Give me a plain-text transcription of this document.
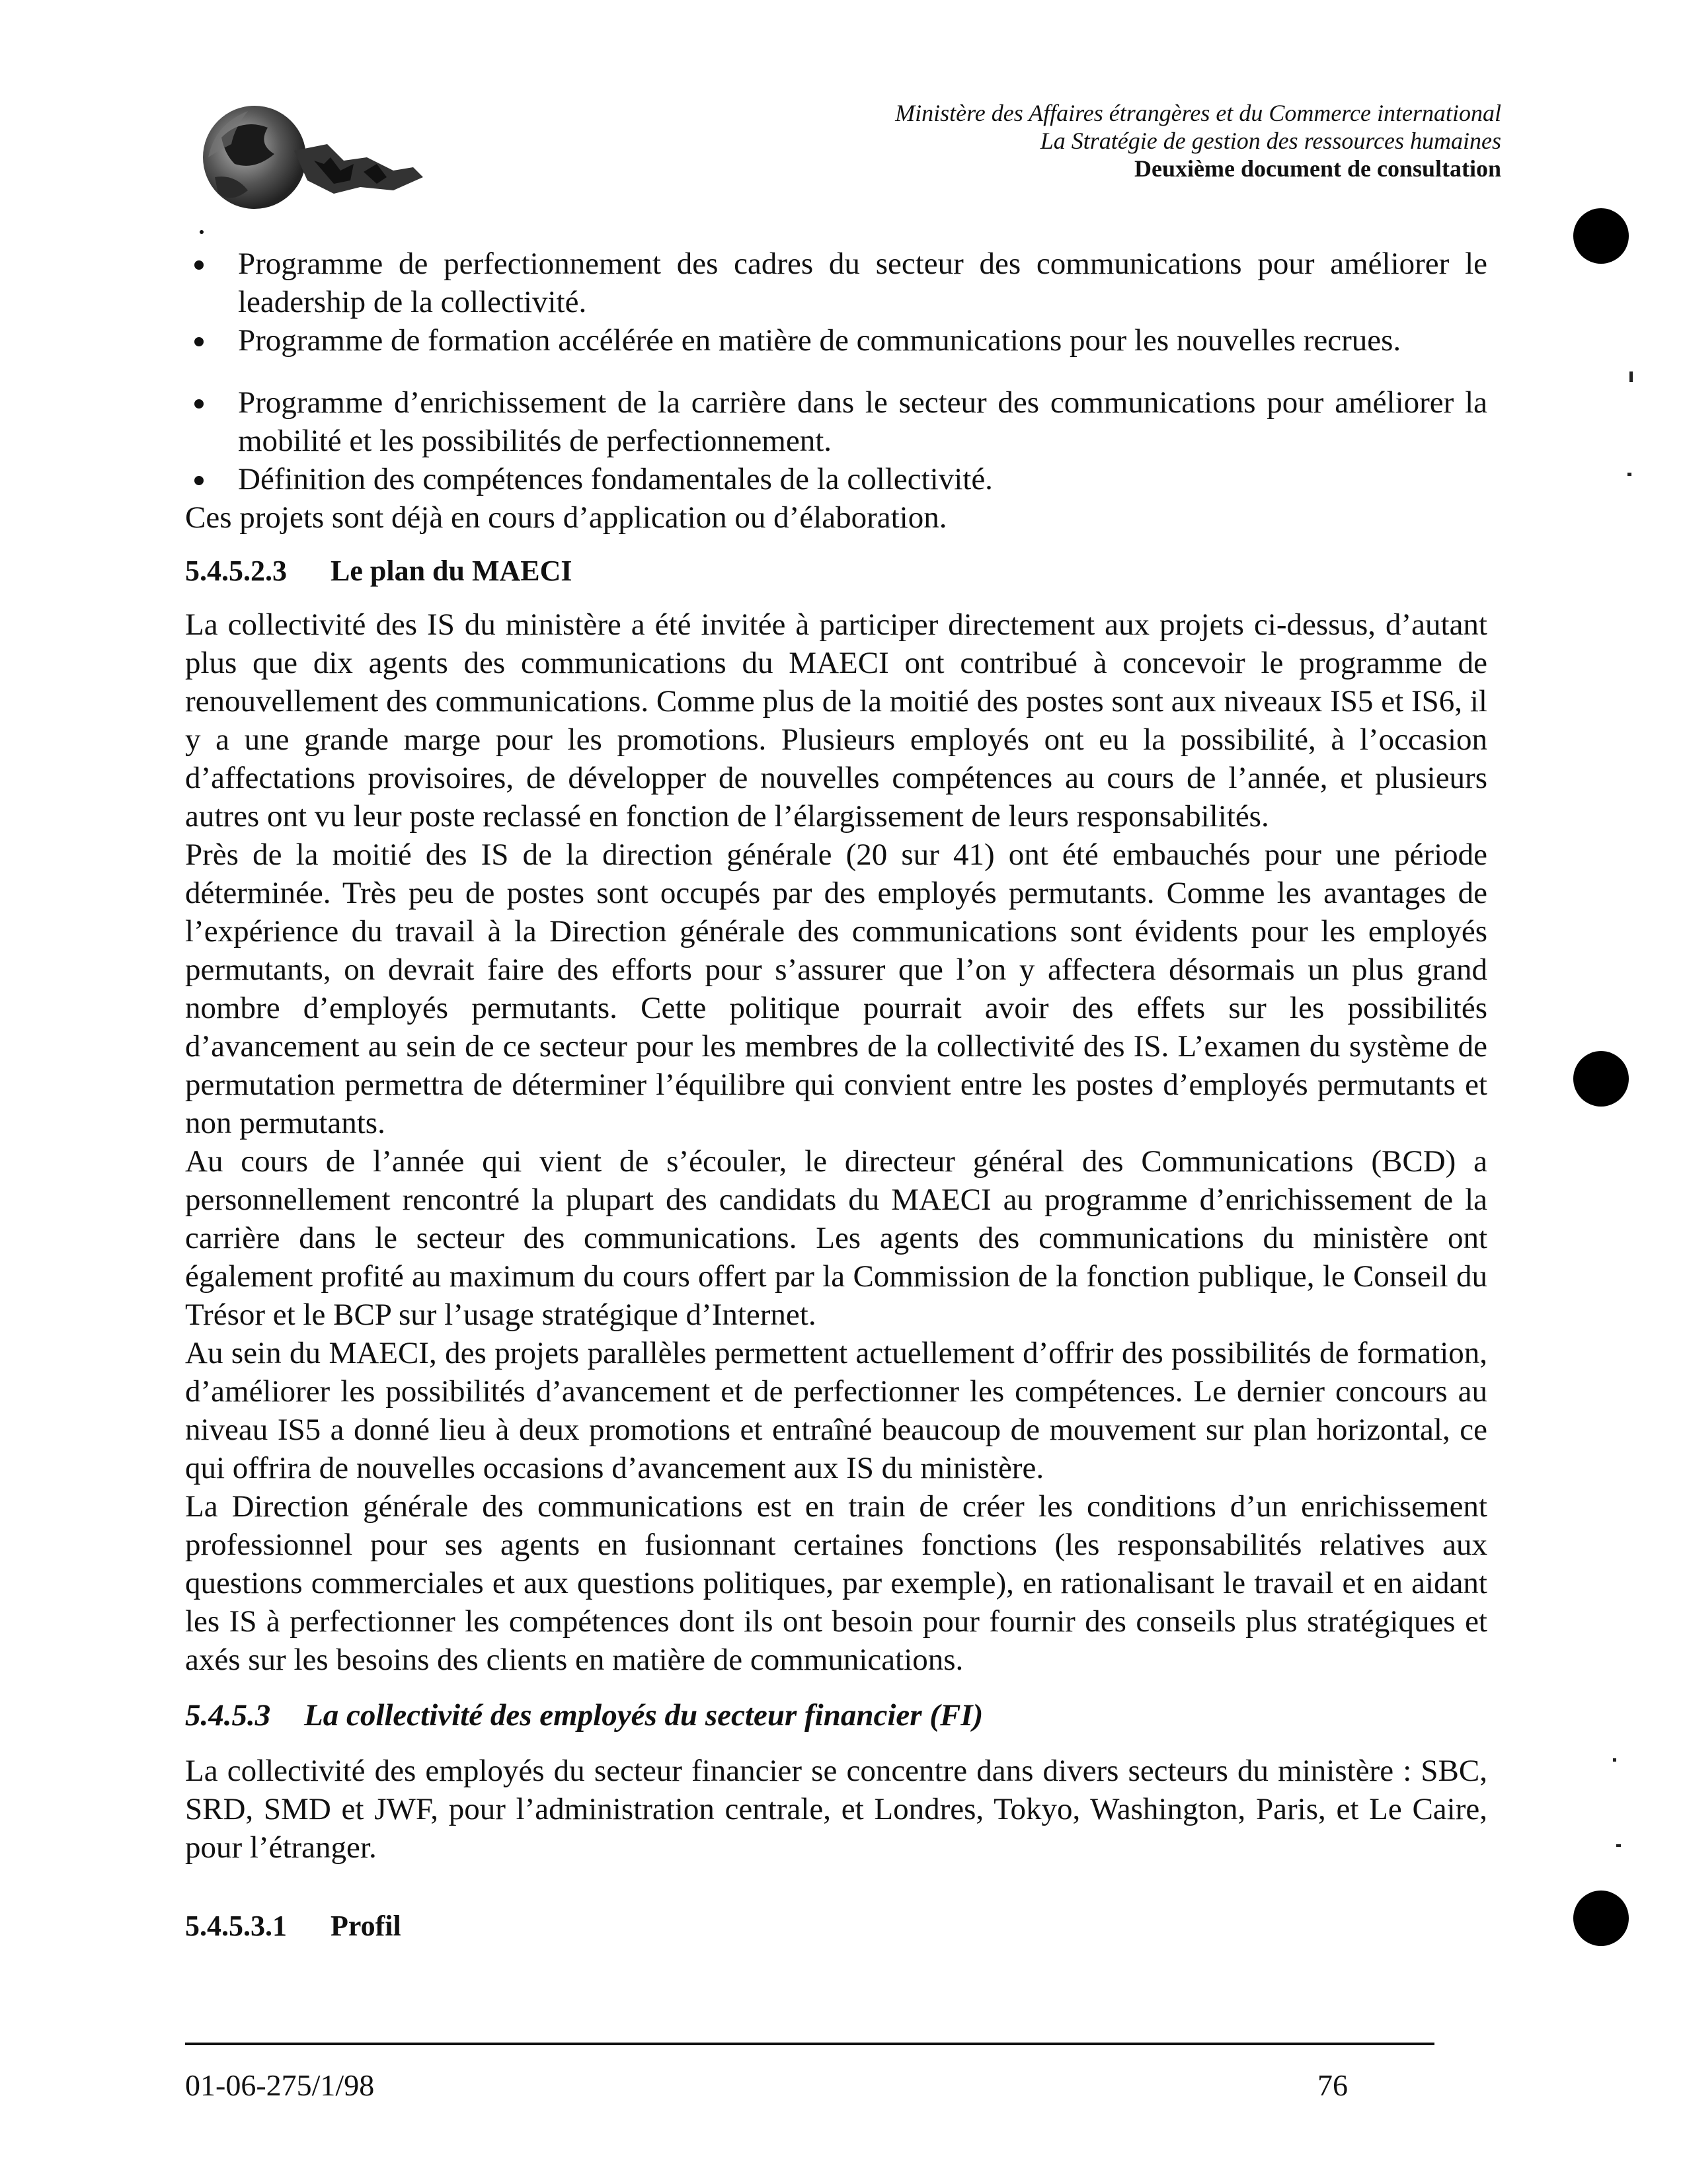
Ministère des Affaires étrangères et du Commerce international
La Stratégie de gestion des ressources humaines
Deuxième document de consultation
Programme de perfectionnement des cadres du secteur des communications pour améliorer le leadership de la collectivité.
Programme de formation accélérée en matière de communications pour les nouvelles recrues.
Programme d’enrichissement de la carrière dans le secteur des communications pour améliorer la mobilité et les possibilités de perfectionnement.
Définition des compétences fondamentales de la collectivité.

Ces projets sont déjà en cours d’application ou d’élaboration.

5.4.5.2.3 Le plan du MAECI

La collectivité des IS du ministère a été invitée à participer directement aux projets ci-dessus, d’autant plus que dix agents des communications du MAECI ont contribué à concevoir le programme de renouvellement des communications. Comme plus de la moitié des postes sont aux niveaux IS5 et IS6, il y a une grande marge pour les promotions. Plusieurs employés ont eu la possibilité, à l’occasion d’affectations provisoires, de développer de nouvelles compétences au cours de l’année, et plusieurs autres ont vu leur poste reclassé en fonction de l’élargissement de leurs responsabilités.

Près de la moitié des IS de la direction générale (20 sur 41) ont été embauchés pour une période déterminée. Très peu de postes sont occupés par des employés permutants. Comme les avantages de l’expérience du travail à la Direction générale des communications sont évidents pour les employés permutants, on devrait faire des efforts pour s’assurer que l’on y affectera désormais un plus grand nombre d’employés permutants. Cette politique pourrait avoir des effets sur les possibilités d’avancement au sein de ce secteur pour les membres de la collectivité des IS. L’examen du système de permutation permettra de déterminer l’équilibre qui convient entre les postes d’employés permutants et non permutants.

Au cours de l’année qui vient de s’écouler, le directeur général des Communications (BCD) a personnellement rencontré la plupart des candidats du MAECI au programme d’enrichissement de la carrière dans le secteur des communications. Les agents des communications du ministère ont également profité au maximum du cours offert par la Commission de la fonction publique, le Conseil du Trésor et le BCP sur l’usage stratégique d’Internet.

Au sein du MAECI, des projets parallèles permettent actuellement d’offrir des possibilités de formation, d’améliorer les possibilités d’avancement et de perfectionner les compétences. Le dernier concours au niveau IS5 a donné lieu à deux promotions et entraîné beaucoup de mouvement sur plan horizontal, ce qui offrira de nouvelles occasions d’avancement aux IS du ministère.

La Direction générale des communications est en train de créer les conditions d’un enrichissement professionnel pour ses agents en fusionnant certaines fonctions (les responsabilités relatives aux questions commerciales et aux questions politiques, par exemple), en rationalisant le travail et en aidant les IS à perfectionner les compétences dont ils ont besoin pour fournir des conseils plus stratégiques et axés sur les besoins des clients en matière de communications.

5.4.5.3 La collectivité des employés du secteur financier (FI)

La collectivité des employés du secteur financier se concentre dans divers secteurs du ministère : SBC, SRD, SMD et JWF, pour l’administration centrale, et Londres, Tokyo, Washington, Paris, et Le Caire, pour l’étranger.

5.4.5.3.1 Profil
01-06-275/1/98	76
